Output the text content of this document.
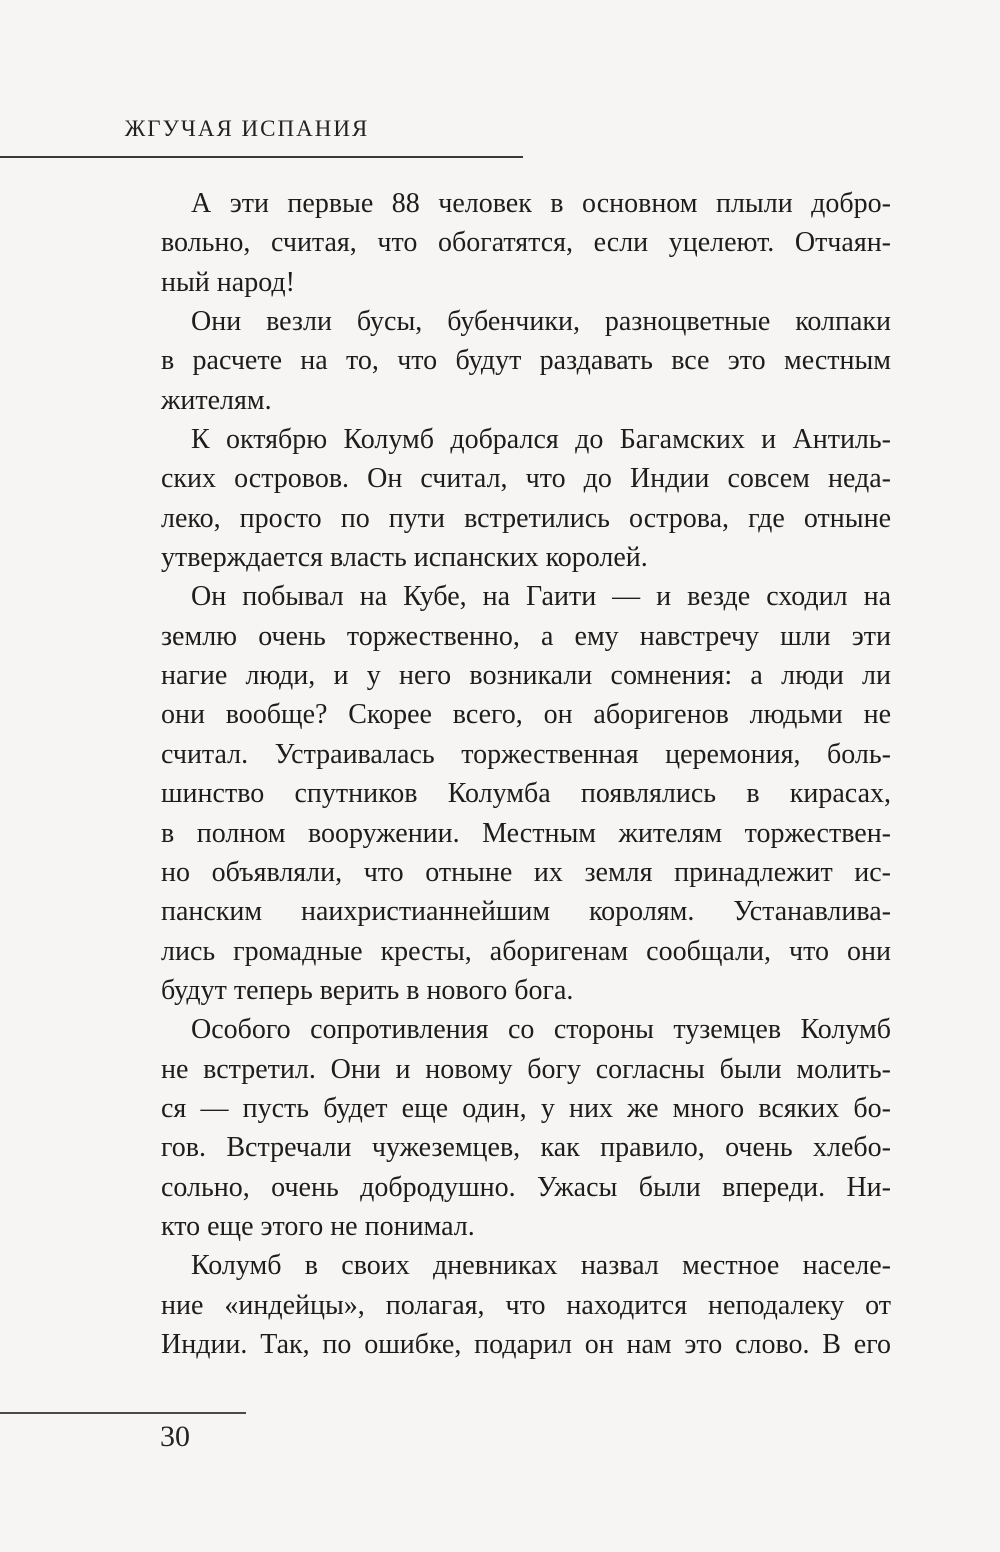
ЖГУЧАЯ ИСПАНИЯ
А эти первые 88 человек в основном плыли добро-
вольно, считая, что обогатятся, если уцелеют. Отчаян-
ный народ!
Они везли бусы, бубенчики, разноцветные колпаки
в расчете на то, что будут раздавать все это местным
жителям.
К октябрю Колумб добрался до Багамских и Антиль-
ских островов. Он считал, что до Индии совсем неда-
леко, просто по пути встретились острова, где отныне
утверждается власть испанских королей.
Он побывал на Кубе, на Гаити — и везде сходил на
землю очень торжественно, а ему навстречу шли эти
нагие люди, и у него возникали сомнения: а люди ли
они вообще? Скорее всего, он аборигенов людьми не
считал. Устраивалась торжественная церемония, боль-
шинство спутников Колумба появлялись в кирасах,
в полном вооружении. Местным жителям торжествен-
но объявляли, что отныне их земля принадлежит ис-
панским наихристианнейшим королям. Устанавлива-
лись громадные кресты, аборигенам сообщали, что они
будут теперь верить в нового бога.
Особого сопротивления со стороны туземцев Колумб
не встретил. Они и новому богу согласны были молить-
ся — пусть будет еще один, у них же много всяких бо-
гов. Встречали чужеземцев, как правило, очень хлебо-
сольно, очень добродушно. Ужасы были впереди. Ни-
кто еще этого не понимал.
Колумб в своих дневниках назвал местное населе-
ние «индейцы», полагая, что находится неподалеку от
Индии. Так, по ошибке, подарил он нам это слово. В его
30
